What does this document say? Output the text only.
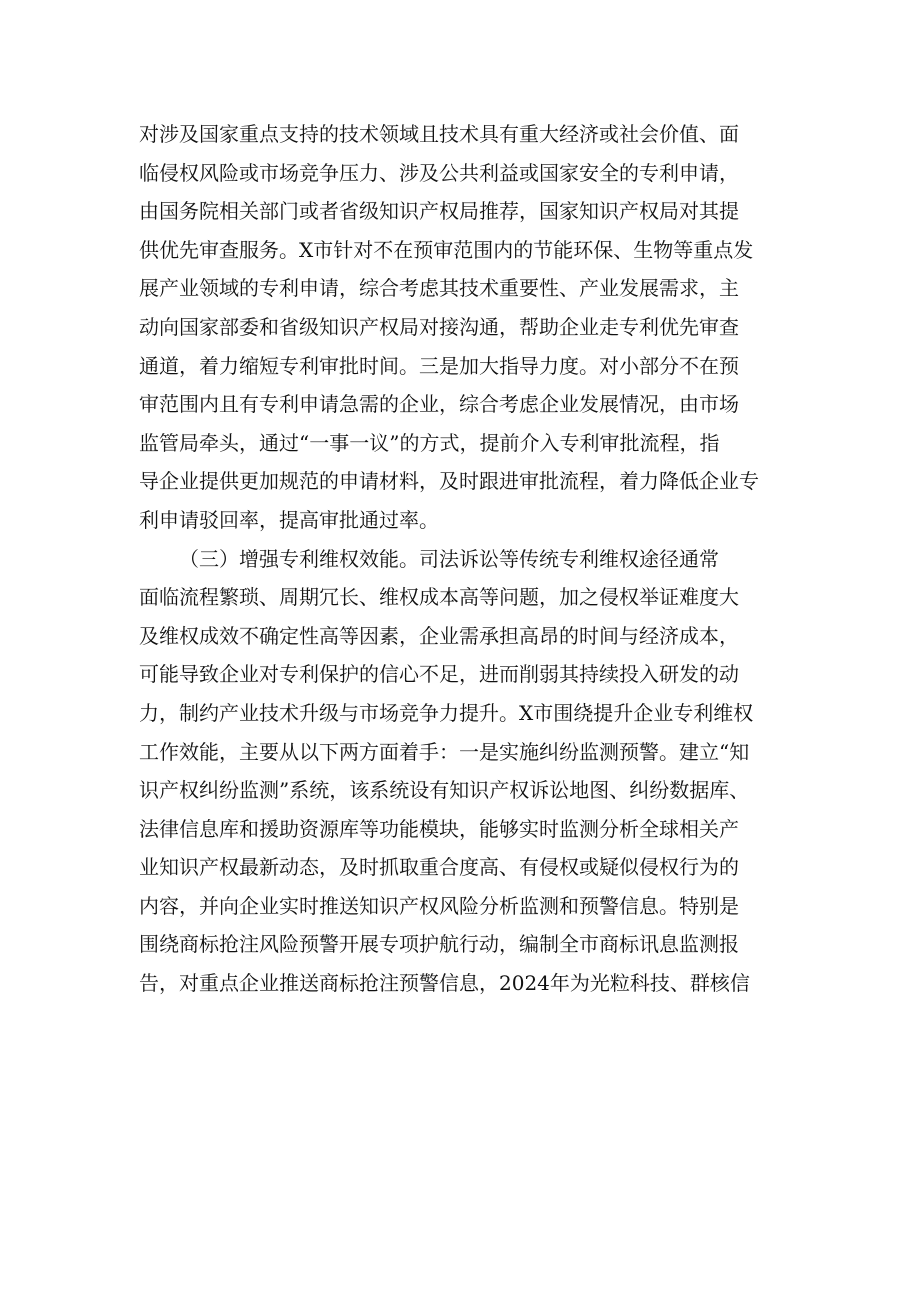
对涉及国家重点支持的技术领域且技术具有重大经济或社会价值、面
临侵权风险或市场竞争压力、涉及公共利益或国家安全的专利申请，
由国务院相关部门或者省级知识产权局推荐，国家知识产权局对其提
供优先审查服务。X市针对不在预审范围内的节能环保、生物等重点发
展产业领域的专利申请，综合考虑其技术重要性、产业发展需求，主
动向国家部委和省级知识产权局对接沟通，帮助企业走专利优先审查
通道，着力缩短专利审批时间。三是加大指导力度。对小部分不在预
审范围内且有专利申请急需的企业，综合考虑企业发展情况，由市场
监管局牵头，通过“一事一议”的方式，提前介入专利审批流程，指
导企业提供更加规范的申请材料，及时跟进审批流程，着力降低企业专
利申请驳回率，提高审批通过率。
（三）增强专利维权效能。司法诉讼等传统专利维权途径通常
面临流程繁琐、周期冗长、维权成本高等问题，加之侵权举证难度大
及维权成效不确定性高等因素，企业需承担高昂的时间与经济成本，
可能导致企业对专利保护的信心不足，进而削弱其持续投入研发的动
力，制约产业技术升级与市场竞争力提升。X市围绕提升企业专利维权
工作效能，主要从以下两方面着手：一是实施纠纷监测预警。建立“知
识产权纠纷监测”系统，该系统设有知识产权诉讼地图、纠纷数据库、
法律信息库和援助资源库等功能模块，能够实时监测分析全球相关产
业知识产权最新动态，及时抓取重合度高、有侵权或疑似侵权行为的
内容，并向企业实时推送知识产权风险分析监测和预警信息。特别是
围绕商标抢注风险预警开展专项护航行动，编制全市商标讯息监测报
告，对重点企业推送商标抢注预警信息，2024年为光粒科技、群核信
